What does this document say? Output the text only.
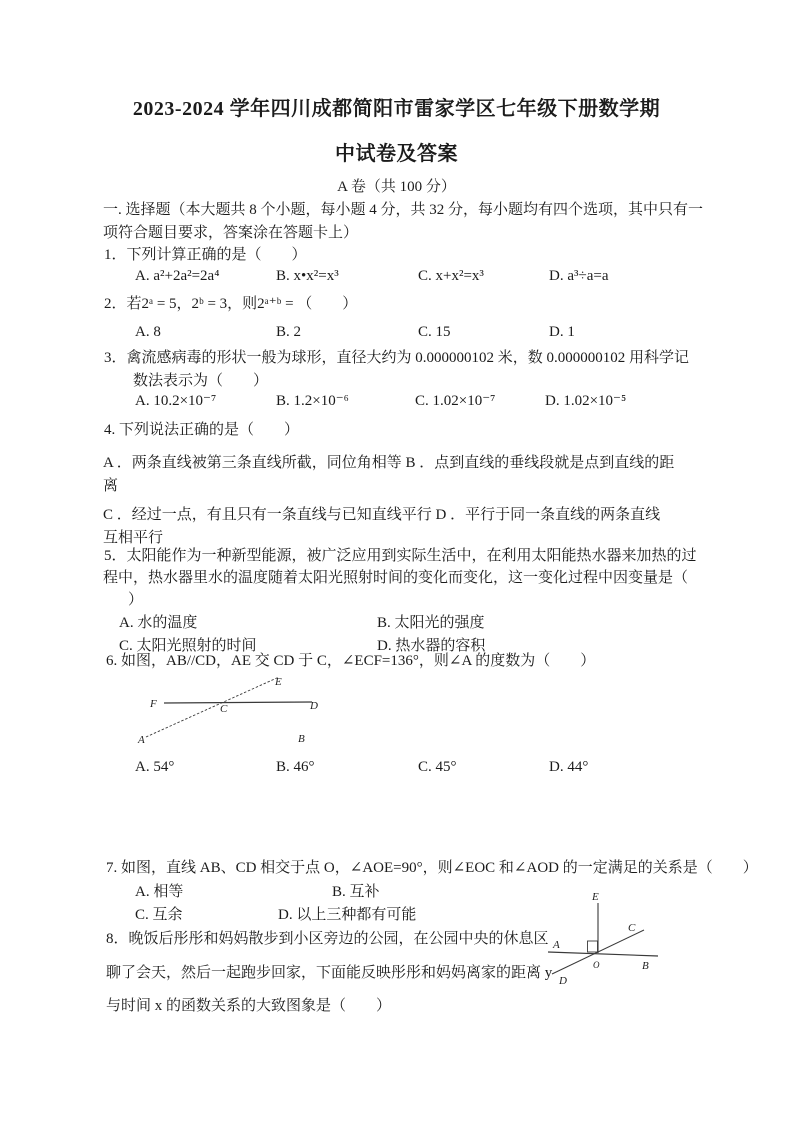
2023-2024 学年四川成都简阳市雷家学区七年级下册数学期
中试卷及答案
A 卷（共 100 分）
一. 选择题（本大题共 8 个小题，每小题 4 分，共 32 分，每小题均有四个选项，其中只有一
项符合题目要求，答案涂在答题卡上）
1．下列计算正确的是（　　）
A. a²+2a²=2a⁴	B. x•x²=x³	C. x+x²=x³	D. a³÷a=a
2．若2ᵃ = 5，2ᵇ = 3，则2ᵃ⁺ᵇ = （　　）
A. 8	B. 2	C. 15	D. 1
3．禽流感病毒的形状一般为球形，直径大约为 0.000000102 米，数 0.000000102 用科学记
数法表示为（　　）
A. 10.2×10⁻⁷	B. 1.2×10⁻⁶	C. 1.02×10⁻⁷	D. 1.02×10⁻⁵
4. 下列说法正确的是（　　）
A ．两条直线被第三条直线所截，同位角相等 B ．点到直线的垂线段就是点到直线的距
离
C ．经过一点，有且只有一条直线与已知直线平行 D ．平行于同一条直线的两条直线
互相平行
5．太阳能作为一种新型能源，被广泛应用到实际生活中，在利用太阳能热水器来加热的过
程中，热水器里水的温度随着太阳光照射时间的变化而变化，这一变化过程中因变量是（
）
A. 水的温度	B. 太阳光的强度
C. 太阳光照射的时间	D. 热水器的容积
6. 如图，AB//CD，AE 交 CD 于 C，∠ECF=136°，则∠A 的度数为（　　）
E
F	C	D
A	B
A. 54°	B. 46°	C. 45°	D. 44°
7. 如图，直线 AB、CD 相交于点 O，∠AOE=90°，则∠EOC 和∠AOD 的一定满足的关系是（　　）
A. 相等	B. 互补
C. 互余	D. 以上三种都有可能
E
A
C
O	B
D
8．晚饭后彤彤和妈妈散步到小区旁边的公园，在公园中央的休息区
聊了会天，然后一起跑步回家，下面能反映彤彤和妈妈离家的距离 y
与时间 x 的函数关系的大致图象是（　　）
